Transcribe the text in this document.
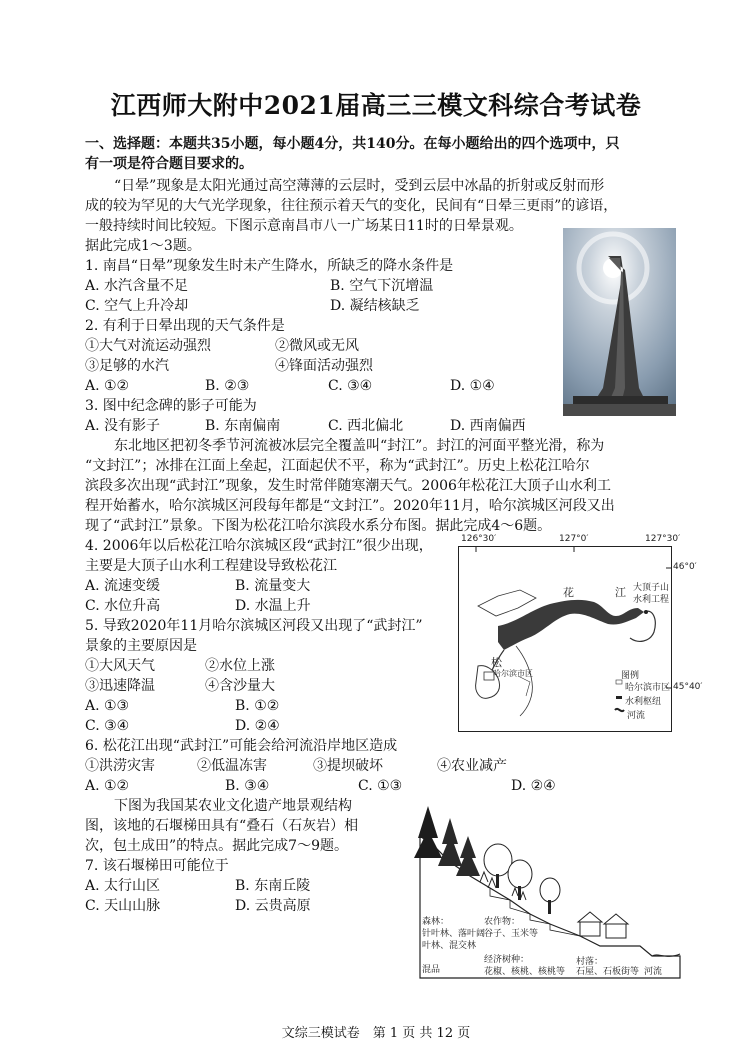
江西师大附中2021届高三三模文科综合考试卷
一、选择题：本题共35小题，每小题4分，共140分。在每小题给出的四个选项中，只
有一项是符合题目要求的。
“日晕”现象是太阳光通过高空薄薄的云层时，受到云层中冰晶的折射或反射而形
成的较为罕见的大气光学现象，往往预示着天气的变化，民间有“日晕三更雨”的谚语，
一般持续时间比较短。下图示意南昌市八一广场某日11时的日晕景观。
据此完成1～3题。
1. 南昌“日晕”现象发生时未产生降水，所缺乏的降水条件是
A. 水汽含量不足	B. 空气下沉增温
C. 空气上升冷却	D. 凝结核缺乏
2. 有利于日晕出现的天气条件是
①大气对流运动强烈	②微风或无风
③足够的水汽	④锋面活动强烈
A. ①②	B. ②③	C. ③④	D. ①④
3. 图中纪念碑的影子可能为
A. 没有影子	B. 东南偏南	C. 西北偏北	D. 西南偏西
东北地区把初冬季节河流被冰层完全覆盖叫“封江”。封江的河面平整光滑，称为
“文封江”；冰排在江面上垒起，江面起伏不平，称为“武封江”。历史上松花江哈尔
滨段多次出现“武封江”现象，发生时常伴随寒潮天气。2006年松花江大顶子山水利工
程开始蓄水，哈尔滨城区河段每年都是“文封江”。2020年11月，哈尔滨城区河段又出
现了“武封江”景象。下图为松花江哈尔滨段水系分布图。据此完成4～6题。
126°30′	127°0′	127°30′
花	江
松
大顶子山
水利工程
哈尔滨市区	图例
哈尔滨市区
水利枢纽
河流
46°0′
45°40′
4. 2006年以后松花江哈尔滨城区段“武封江”很少出现，
主要是大顶子山水利工程建设导致松花江
A. 流速变缓	B. 流量变大
C. 水位升高	D. 水温上升
5. 导致2020年11月哈尔滨城区河段又出现了“武封江”
景象的主要原因是
①大风天气	②水位上涨
③迅速降温	④含沙量大
A. ①③	B. ①②
C. ③④	D. ②④
6. 松花江出现“武封江”可能会给河流沿岸地区造成
①洪涝灾害	②低温冻害	③提坝破坏	④农业减产
A. ①②	B. ③④	C. ①③	D. ②④
下图为我国某农业文化遗产地景观结构
图，该地的石堰梯田具有“叠石（石灰岩）相
次，包土成田”的特点。据此完成7～9题。
7. 该石堰梯田可能位于
A. 太行山区	B. 东南丘陵
C. 天山山脉	D. 云贵高原
森林：
针叶林、落叶阔
叶林、混交林
农作物：
谷子、玉米等
经济树种：
花椒、核桃、核桃等
村落：
石屋、石板街等
混品	河流
文综三模试卷　第 1 页 共 12 页
